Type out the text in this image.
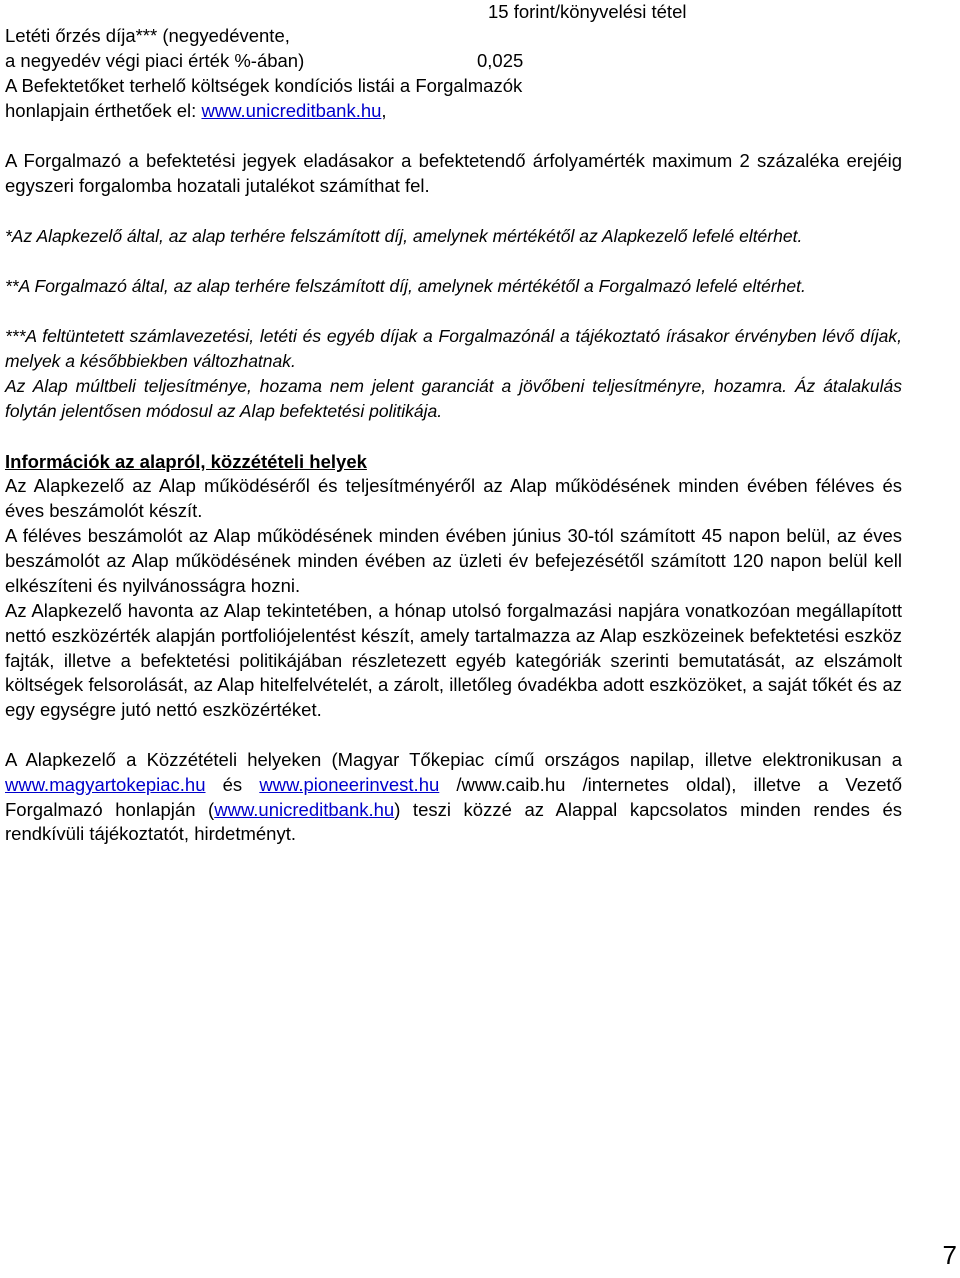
15 forint/könyvelési tétel
Letéti őrzés díja*** (negyedévente,
a negyedév végi piaci érték %-ában)	0,025
A Befektetőket terhelő költségek kondíciós listái a Forgalmazók
honlapjain érthetőek el: www.unicreditbank.hu,
A Forgalmazó a befektetési jegyek eladásakor a befektetendő árfolyamérték maximum 2 százaléka erejéig egyszeri forgalomba hozatali jutalékot számíthat fel.
*Az Alapkezelő által, az alap terhére felszámított díj, amelynek mértékétől az Alapkezelő lefelé eltérhet.
**A Forgalmazó által, az alap terhére felszámított díj, amelynek mértékétől a Forgalmazó lefelé eltérhet.
***A feltüntetett számlavezetési, letéti és egyéb díjak a Forgalmazónál a tájékoztató írásakor érvényben lévő díjak, melyek a későbbiekben változhatnak.
Az Alap múltbeli teljesítménye, hozama nem jelent garanciát a jövőbeni teljesítményre, hozamra. Áz átalakulás folytán jelentősen módosul az Alap befektetési politikája.
Információk az alapról, közzétételi helyek
Az Alapkezelő az Alap működéséről és teljesítményéről az Alap működésének minden évében féléves és éves beszámolót készít.
A féléves beszámolót az Alap működésének minden évében június 30-tól számított 45 napon belül, az éves beszámolót az Alap működésének minden évében az üzleti év befejezésétől számított 120 napon belül kell elkészíteni és nyilvánosságra hozni.
Az Alapkezelő havonta az Alap tekintetében, a hónap utolsó forgalmazási napjára vonatkozóan megállapított nettó eszközérték alapján portfoliójelentést készít, amely tartalmazza az Alap eszközeinek befektetési eszköz fajták, illetve a befektetési politikájában részletezett egyéb kategóriák szerinti bemutatását, az elszámolt költségek felsorolását, az Alap hitelfelvételét, a zárolt, illetőleg óvadékba adott eszközöket, a saját tőkét és az egy egységre jutó nettó eszközértéket.
A Alapkezelő a Közzétételi helyeken (Magyar Tőkepiac című országos napilap, illetve elektronikusan a www.magyartokepiac.hu és www.pioneerinvest.hu /www.caib.hu /internetes oldal), illetve a Vezető Forgalmazó honlapján (www.unicreditbank.hu) teszi közzé az Alappal kapcsolatos minden rendes és rendkívüli tájékoztatót, hirdetményt.
7
